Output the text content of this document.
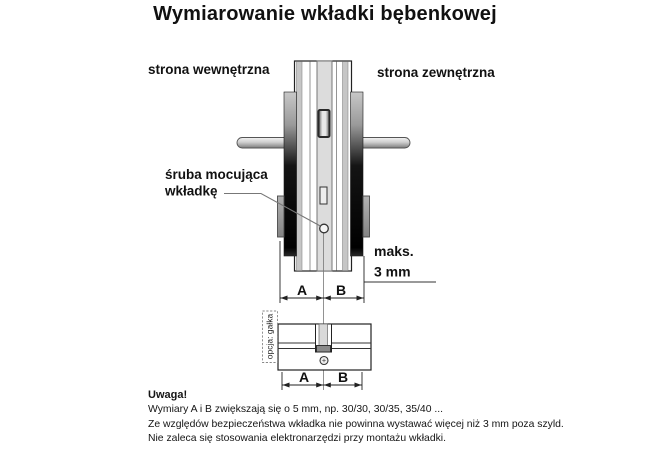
Wymiarowanie wkładki bębenkowej
strona wewnętrzna	strona zewnętrzna
śruba mocująca
wkładkę
maks.
3 mm
A B
opcja: gałka
A B

Uwaga!

Wymiary A i B zwiększają się o 5 mm, np. 30/30, 30/35, 35/40 ...

Ze względów bezpieczeństwa wkładka nie powinna wystawać więcej niż 3 mm poza szyld.

Nie zaleca się stosowania elektronarzędzi przy montażu wkładki.
